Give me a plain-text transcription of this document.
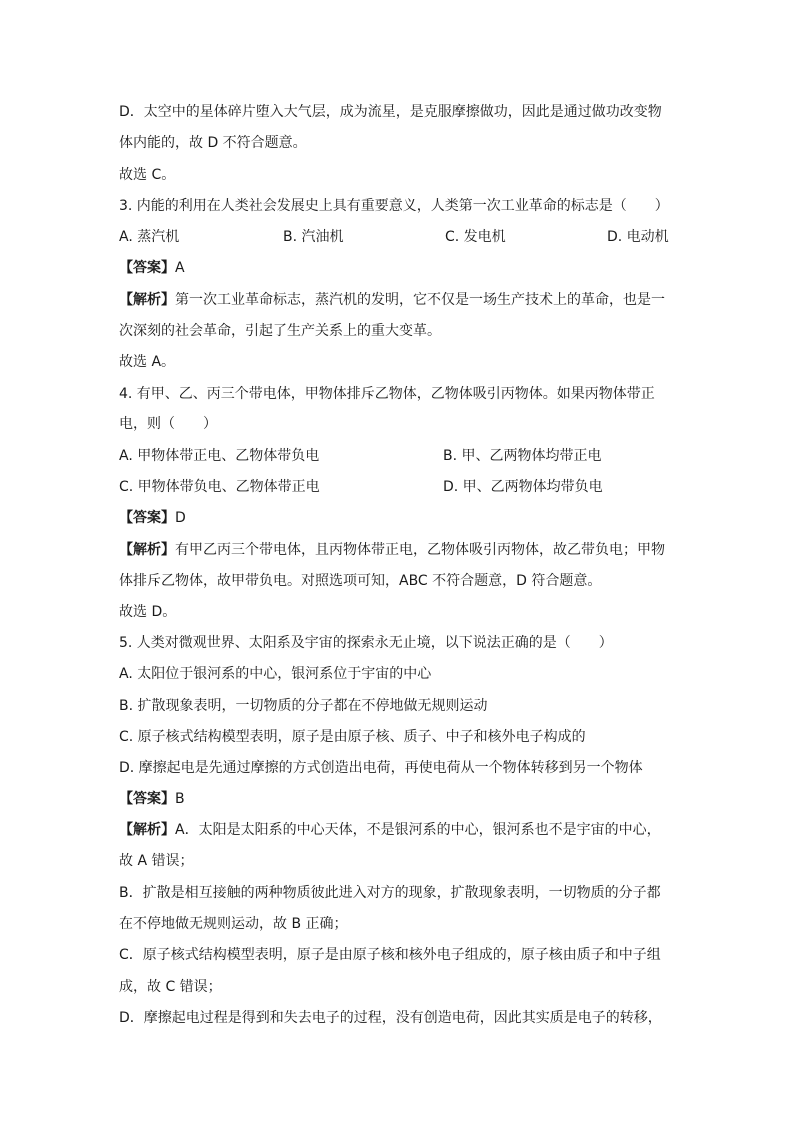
D．太空中的星体碎片堕入大气层，成为流星，是克服摩擦做功，因此是通过做功改变物
体内能的，故 D 不符合题意。
故选 C。
3. 内能的利用在人类社会发展史上具有重要意义，人类第一次工业革命的标志是（　　）
A. 蒸汽机	B. 汽油机	C. 发电机	D. 电动机
【答案】A
【解析】第一次工业革命标志，蒸汽机的发明，它不仅是一场生产技术上的革命，也是一
次深刻的社会革命，引起了生产关系上的重大变革。
故选 A。
4. 有甲、乙、丙三个带电体，甲物体排斥乙物体，乙物体吸引丙物体。如果丙物体带正
电，则（　　）
A. 甲物体带正电、乙物体带负电	B. 甲、乙两物体均带正电
C. 甲物体带负电、乙物体带正电	D. 甲、乙两物体均带负电
【答案】D
【解析】有甲乙丙三个带电体，且丙物体带正电，乙物体吸引丙物体，故乙带负电；甲物
体排斥乙物体，故甲带负电。对照选项可知，ABC 不符合题意，D 符合题意。
故选 D。
5. 人类对微观世界、太阳系及宇宙的探索永无止境，以下说法正确的是（　　）
A. 太阳位于银河系的中心，银河系位于宇宙的中心
B. 扩散现象表明，一切物质的分子都在不停地做无规则运动
C. 原子核式结构模型表明，原子是由原子核、质子、中子和核外电子构成的
D. 摩擦起电是先通过摩擦的方式创造出电荷，再使电荷从一个物体转移到另一个物体
【答案】B
【解析】A．太阳是太阳系的中心天体，不是银河系的中心，银河系也不是宇宙的中心，
故 A 错误；
B．扩散是相互接触的两种物质彼此进入对方的现象，扩散现象表明，一切物质的分子都
在不停地做无规则运动，故 B 正确；
C．原子核式结构模型表明，原子是由原子核和核外电子组成的，原子核由质子和中子组
成，故 C 错误；
D．摩擦起电过程是得到和失去电子的过程，没有创造电荷，因此其实质是电子的转移，
